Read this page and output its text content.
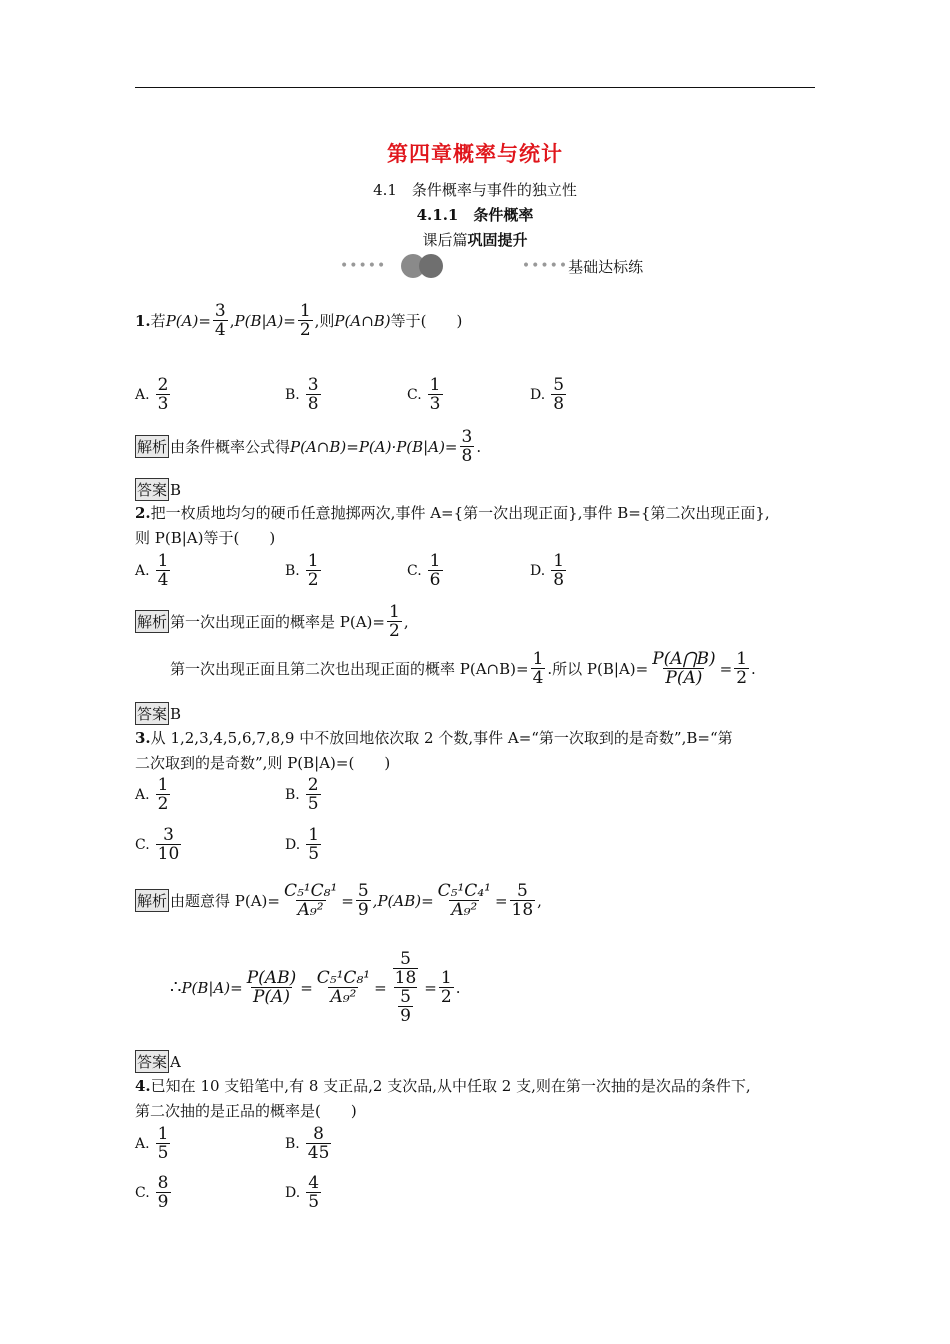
第四章概率与统计
4.1　条件概率与事件的独立性
4.1.1　条件概率
课后篇巩固提升
•••••	•••••基础达标练
1. 若 $P(A) = \frac{3}{4}$ , $P(B|A) = \frac{1}{2}$ ,则 P(A∩B) 等于(　　)
A. $\frac{2}{3}$	B. $\frac{3}{8}$	C. $\frac{1}{3}$	D. $\frac{5}{8}$
解析 由条件概率公式得 P(A∩B)=P(A)·P(B|A)= $\frac{3}{8}$ .
答案 B
2. 把一枚质地均匀的硬币任意抛掷两次,事件 A={第一次出现正面},事件 B={第二次出现正面},
则 P(B|A)等于(　　)
A. $\frac{1}{4}$	B. $\frac{1}{2}$	C. $\frac{1}{6}$	D. $\frac{1}{8}$
解析 第一次出现正面的概率是 $P(A)= \frac{1}{2}$ ,
第一次出现正面且第二次也出现正面的概率 P(A∩B)= $\frac{1}{4}$ .所以 $P(B|A)= \frac{P(A⋂B)}{P(A)} = \frac{1}{2}$ .
答案 B
3. 从 1,2,3,4,5,6,7,8,9 中不放回地依次取 2 个数,事件 A=“第一次取到的是奇数”,B=“第
二次取到的是奇数”,则 P(B|A)=(　　)
A. $\frac{1}{2}$	B. $\frac{2}{5}$
C. $\frac{3}{10}$	D. $\frac{1}{5}$
解析 由题意得 $P(A)= \frac{\text{C₅¹C₈¹}}{\text{A₉²}} = \frac{5}{9} ,P(AB)= \frac{\text{C₅¹C₄¹}}{\text{A₉²}} = \frac{5}{18}$ ,
∴ $P(B|A)= \frac{P(AB)}{P(A)} = \frac{\text{C₅¹C₈¹}}{\text{A₉²}} = \frac{\frac{5}{18}}{\frac{5}{9}} = \frac{1}{2}$ .
答案 A
4. 已知在 10 支铅笔中,有 8 支正品,2 支次品,从中任取 2 支,则在第一次抽的是次品的条件下,
第二次抽的是正品的概率是(　　)
A. $\frac{1}{5}$	B. $\frac{8}{45}$
C. $\frac{8}{9}$	D. $\frac{4}{5}$
